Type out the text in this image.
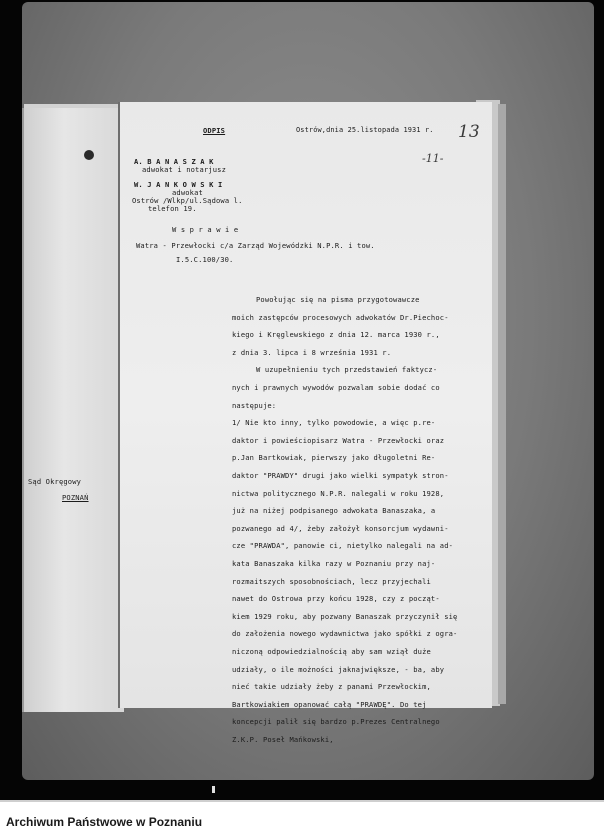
ODPIS	Ostrów,dnia 25.listopada 1931 r. 13
-11-
A. B A N A S Z A K
adwokat i notarjusz
W. J A N K O W S K I
adwokat
Ostrów /Wlkp/ul.Sądowa l.
telefon 19.
W s p r a w i e
Watra - Przewłocki c/a Zarząd Wojewódzki N.P.R. i tow.
I.5.C.100/30.
Powołując się na pisma przygotowawcze
moich zastępców procesowych adwokatów Dr.Piechoc-
kiego i Kręglewskiego z dnia 12. marca 1930 r.,
z dnia 3. lipca i 8 września 1931 r.
W uzupełnieniu tych przedstawień faktycz-
nych i prawnych wywodów pozwalam sobie dodać co
następuje:
1/ Nie kto inny, tylko powodowie, a więc p.re-
daktor i powieściopisarz Watra - Przewłocki oraz
p.Jan Bartkowiak, pierwszy jako długoletni Re-
daktor "PRAWDY" drugi jako wielki sympatyk stron-
nictwa politycznego N.P.R. nalegali w roku 1928,
już na niżej podpisanego adwokata Banaszaka, a
pozwanego ad 4/, żeby założył konsorcjum wydawni-
cze "PRAWDA", panowie ci, nietylko nalegali na ad-
kata Banaszaka kilka razy w Poznaniu przy naj-
rozmaitszych sposobnościach, lecz przyjechali
nawet do Ostrowa przy końcu 1928, czy z począt-
kiem 1929 roku, aby pozwany Banaszak przyczynił się
do założenia nowego wydawnictwa jako spółki z ogra-
niczoną odpowiedzialnością aby sam wziął duże
udziały, o ile możności jaknajwiększe, - ba, aby
nieć takie udziały żeby z panami Przewłockim,
Bartkowiakiem opanować całą "PRAWDĘ". Do tej
koncepcji palił się bardzo p.Prezes Centralnego
Z.K.P. Poseł Mańkowski,
Sąd Okręgowy
POZNAŃ
Archiwum Państwowe w Poznaniu
